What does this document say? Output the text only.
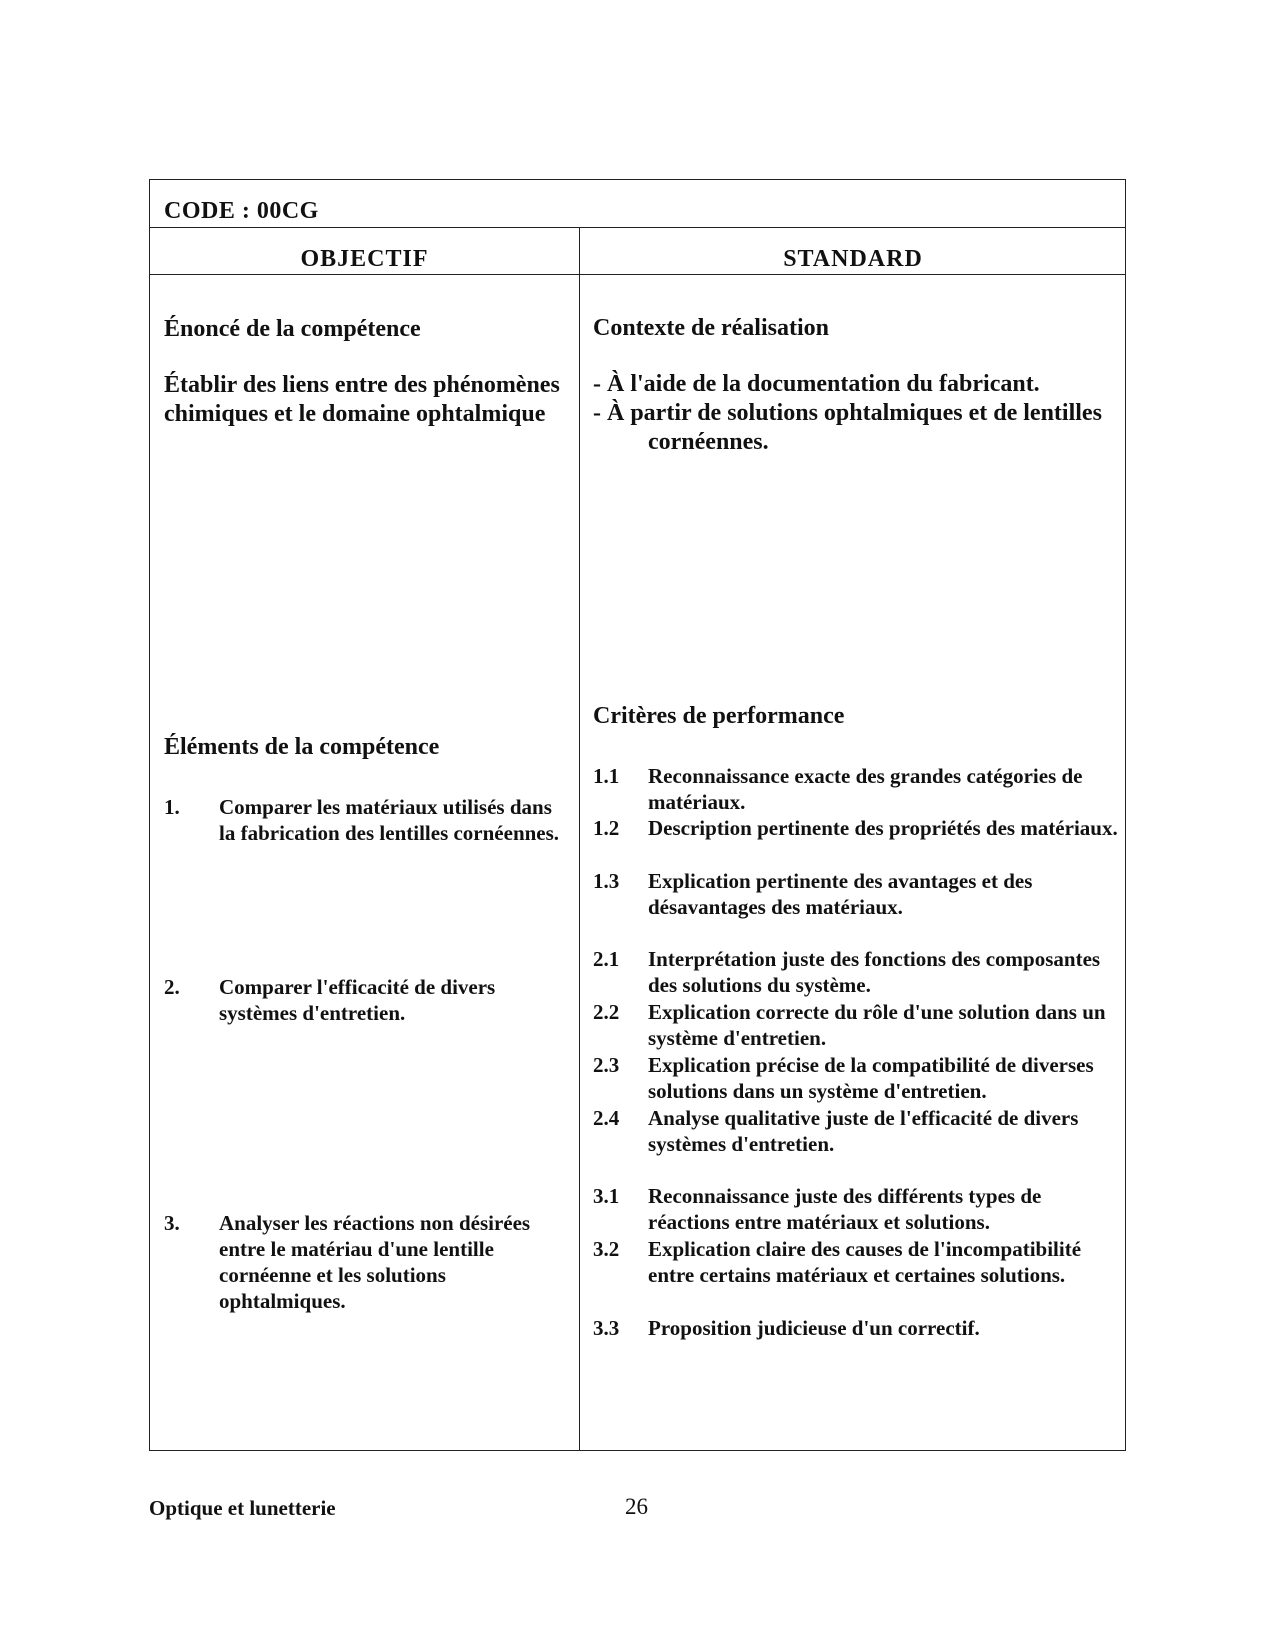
CODE : 00CG
OBJECTIF	STANDARD
Énoncé de la compétence
Établir des liens entre des phénomènes chimiques et le domaine ophtalmique
Éléments de la compétence
1. Comparer les matériaux utilisés dans la fabrication des lentilles cornéennes.
2. Comparer l'efficacité de divers systèmes d'entretien.
3. Analyser les réactions non désirées entre le matériau d'une lentille cornéenne et les solutions ophtalmiques.
Contexte de réalisation
- À l'aide de la documentation du fabricant.
- À partir de solutions ophtalmiques et de lentilles cornéennes.
Critères de performance
1.1 Reconnaissance exacte des grandes catégories de matériaux.
1.2 Description pertinente des propriétés des matériaux.
1.3 Explication pertinente des avantages et des désavantages des matériaux.
2.1 Interprétation juste des fonctions des composantes des solutions du système.
2.2 Explication correcte du rôle d'une solution dans un système d'entretien.
2.3 Explication précise de la compatibilité de diverses solutions dans un système d'entretien.
2.4 Analyse qualitative juste de l'efficacité de divers systèmes d'entretien.
3.1 Reconnaissance juste des différents types de réactions entre matériaux et solutions.
3.2 Explication claire des causes de l'incompatibilité entre certains matériaux et certaines solutions.
3.3 Proposition judicieuse d'un correctif.
Optique et lunetterie	26
